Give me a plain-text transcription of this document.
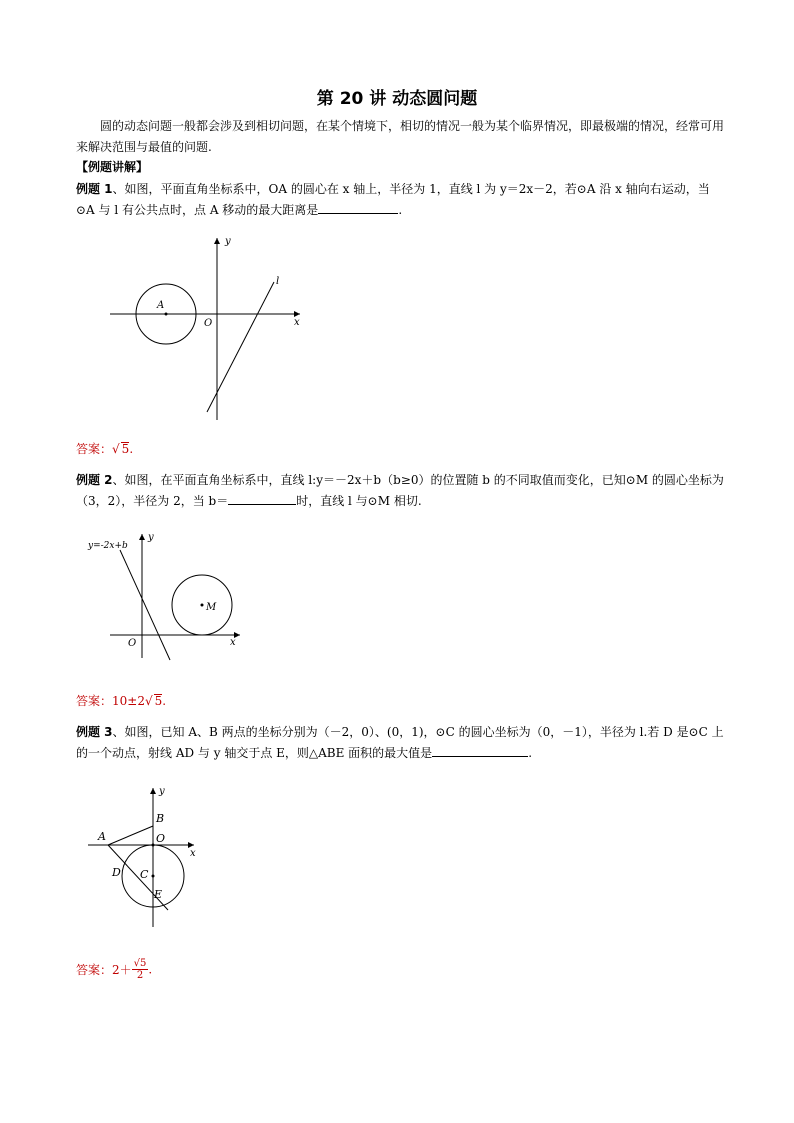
第 20 讲 动态圆问题
圆的动态问题一般都会涉及到相切问题，在某个情境下，相切的情况一般为某个临界情况，即最极端的情况，经常可用来解决范围与最值的问题.
【例题讲解】
例题 1、如图，平面直角坐标系中，OA 的圆心在 x 轴上，半径为 1，直线 l 为 y＝2x－2，若⊙A 沿 x 轴向右运动，当⊙A 与 l 有公共点时，点 A 移动的最大距离是	.
y
x
O
A
l
答案：√ 5.
例题 2、如图，在平面直角坐标系中，直线 l:y＝－2x＋b（b≥0）的位置随 b 的不同取值而变化，已知⊙M 的圆心坐标为（3，2），半径为 2，当 b＝	时，直线 l 与⊙M 相切.
y=-2x+b
y
x
O
M
答案：10±2√ 5.
例题 3、如图，已知 A、B 两点的坐标分别为（－2，0）、(0，1)，⊙C 的圆心坐标为（0，－1），半径为 l.若 D 是⊙C 上的一个动点，射线 AD 与 y 轴交于点 E，则△ABE 面积的最大值是	.
y
x
A
B
O
C
D
E
答案：$2+ \frac{√5}{2}$ .
